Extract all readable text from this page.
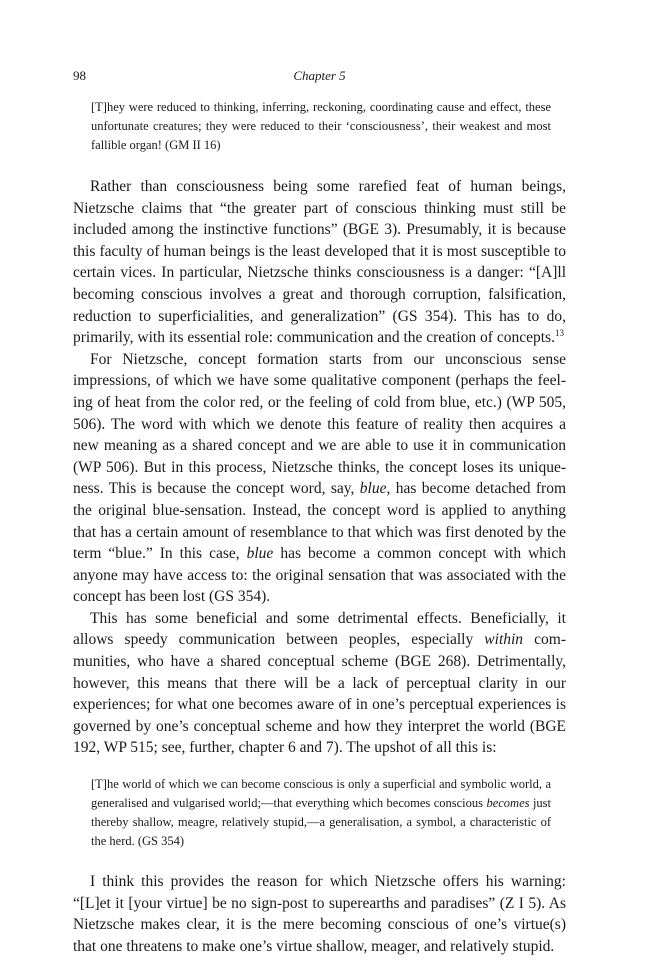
98	Chapter 5

[T]hey were reduced to thinking, inferring, reckoning, coordinating cause and effect, these unfortunate creatures; they were reduced to their ‘consciousness’, their weakest and most fallible organ! (GM II 16)

Rather than consciousness being some rarefied feat of human beings, Nietzsche claims that “the greater part of conscious thinking must still be included among the instinctive functions” (BGE 3). Presumably, it is because this faculty of human beings is the least developed that it is most susceptible to certain vices. In particular, Nietzsche thinks consciousness is a danger: “[A]ll becoming conscious involves a great and thorough corruption, falsification, reduction to superficialities, and generalization” (GS 354). This has to do, primarily, with its essential role: communication and the creation of concepts.$^{13}$

For Nietzsche, concept formation starts from our unconscious sense impressions, of which we have some qualitative component (perhaps the feeling of heat from the color red, or the feeling of cold from blue, etc.) (WP 505, 506). The word with which we denote this feature of reality then acquires a new meaning as a shared concept and we are able to use it in communication (WP 506). But in this process, Nietzsche thinks, the concept loses its uniqueness. This is because the concept word, say, blue, has become detached from the original blue-sensation. Instead, the concept word is applied to anything that has a certain amount of resemblance to that which was first denoted by the term “blue.” In this case, blue has become a common concept with which anyone may have access to: the original sensation that was associated with the concept has been lost (GS 354).

This has some beneficial and some detrimental effects. Beneficially, it allows speedy communication between peoples, especially within communities, who have a shared conceptual scheme (BGE 268). Detrimentally, however, this means that there will be a lack of perceptual clarity in our experiences; for what one becomes aware of in one’s perceptual experiences is governed by one’s conceptual scheme and how they interpret the world (BGE 192, WP 515; see, further, chapter 6 and 7). The upshot of all this is:

[T]he world of which we can become conscious is only a superficial and symbolic world, a generalised and vulgarised world;—that everything which becomes conscious becomes just thereby shallow, meagre, relatively stupid,—a generalisation, a symbol, a characteristic of the herd. (GS 354)

I think this provides the reason for which Nietzsche offers his warning: “[L]et it [your virtue] be no sign-post to superearths and paradises” (Z I 5). As Nietzsche makes clear, it is the mere becoming conscious of one’s virtue(s) that one threatens to make one’s virtue shallow, meager, and relatively stupid.
